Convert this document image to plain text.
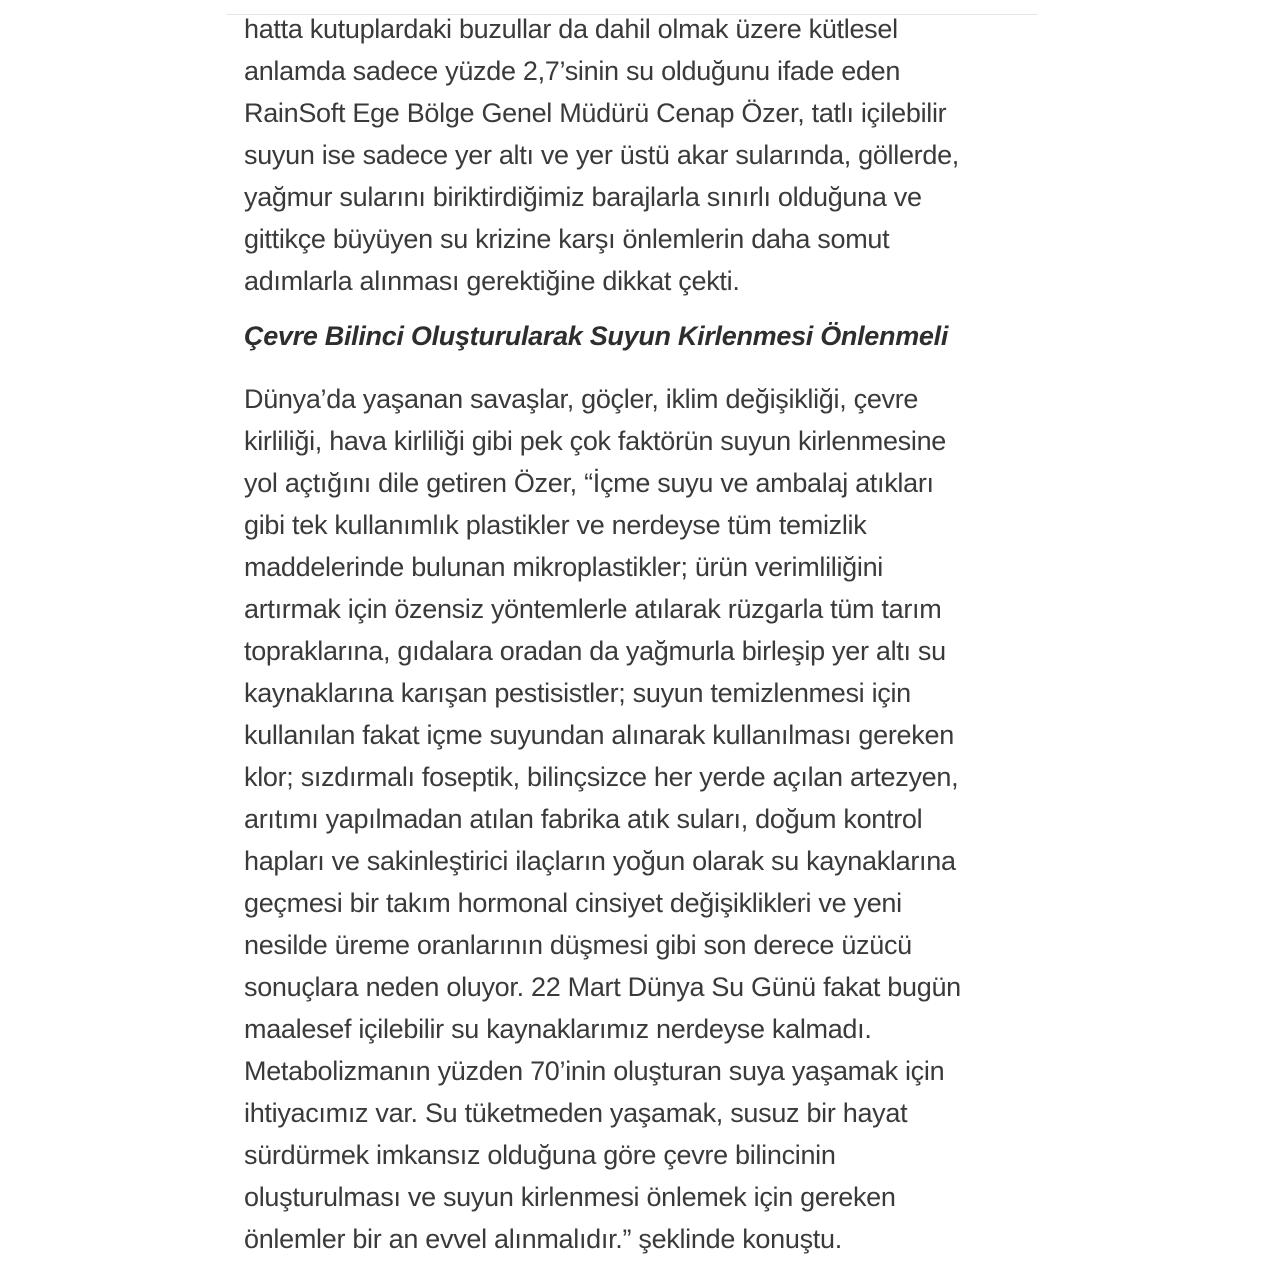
hatta kutuplardaki buzullar da dahil olmak üzere kütlesel
anlamda sadece yüzde 2,7’sinin su olduğunu ifade eden
RainSoft Ege Bölge Genel Müdürü Cenap Özer, tatlı içilebilir
suyun ise sadece yer altı ve yer üstü akar sularında, göllerde,
yağmur sularını biriktirdiğimiz barajlarla sınırlı olduğuna ve
gittikçe büyüyen su krizine karşı önlemlerin daha somut
adımlarla alınması gerektiğine dikkat çekti.
Çevre Bilinci Oluşturularak Suyun Kirlenmesi Önlenmeli
Dünya’da yaşanan savaşlar, göçler, iklim değişikliği, çevre
kirliliği, hava kirliliği gibi pek çok faktörün suyun kirlenmesine
yol açtığını dile getiren Özer, “İçme suyu ve ambalaj atıkları
gibi tek kullanımlık plastikler ve nerdeyse tüm temizlik
maddelerinde bulunan mikroplastikler; ürün verimliliğini
artırmak için özensiz yöntemlerle atılarak rüzgarla tüm tarım
topraklarına, gıdalara oradan da yağmurla birleşip yer altı su
kaynaklarına karışan pestisistler; suyun temizlenmesi için
kullanılan fakat içme suyundan alınarak kullanılması gereken
klor; sızdırmalı foseptik, bilinçsizce her yerde açılan artezyen,
arıtımı yapılmadan atılan fabrika atık suları, doğum kontrol
hapları ve sakinleştirici ilaçların yoğun olarak su kaynaklarına
geçmesi bir takım hormonal cinsiyet değişiklikleri ve yeni
nesilde üreme oranlarının düşmesi gibi son derece üzücü
sonuçlara neden oluyor. 22 Mart Dünya Su Günü fakat bugün
maalesef içilebilir su kaynaklarımız nerdeyse kalmadı.
Metabolizmanın yüzden 70’inin oluşturan suya yaşamak için
ihtiyacımız var. Su tüketmeden yaşamak, susuz bir hayat
sürdürmek imkansız olduğuna göre çevre bilincinin
oluşturulması ve suyun kirlenmesi önlemek için gereken
önlemler bir an evvel alınmalıdır.” şeklinde konuştu.
